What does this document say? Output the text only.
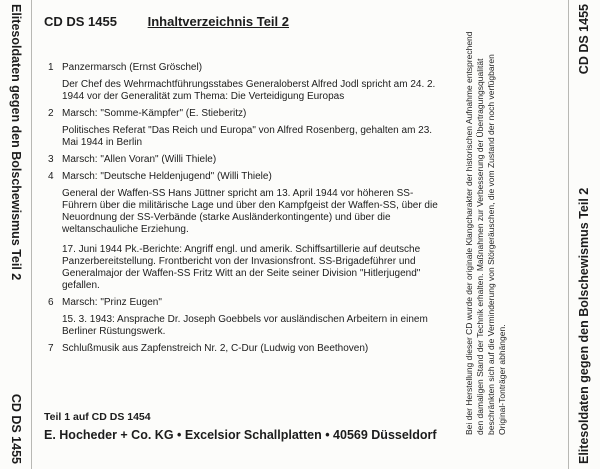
Elitesoldaten gegen den Bolschewismus Teil 2
CD DS 1455	Elitesoldaten gegen den Bolschewismus Teil 2
CD DS 1455
CD DS 1455 Inhaltverzeichnis Teil 2
1 Panzermarsch (Ernst Gröschel)
Der Chef des Wehrmachtführungsstabes Generaloberst Alfred Jodl spricht am 24. 2. 1944 vor der Generalität zum Thema: Die Verteidigung Europas
2 Marsch: "Somme-Kämpfer" (E. Stieberitz)
Politisches Referat "Das Reich und Europa" von Alfred Rosenberg, gehalten am 23. Mai 1944 in Berlin
3 Marsch: "Allen Voran" (Willi Thiele)
4 Marsch: "Deutsche Heldenjugend" (Willi Thiele)
General der Waffen-SS Hans Jüttner spricht am 13. April 1944 vor höheren SS-Führern über die militärische Lage und über den Kampfgeist der Waffen-SS, über die Neuordnung der SS-Verbände (starke Ausländerkontingente) und über die weltanschauliche Erziehung.
17. Juni 1944 Pk.-Berichte: Angriff engl. und amerik. Schiffsartillerie auf deutsche Panzerbereitstellung. Frontbericht von der Invasionsfront. SS-Brigadeführer und Generalmajor der Waffen-SS Fritz Witt an der Seite seiner Division "Hitlerjugend" gefallen.
6 Marsch: "Prinz Eugen"
15. 3. 1943: Ansprache Dr. Joseph Goebbels vor ausländischen Arbeitern in einem Berliner Rüstungswerk.
7 Schlußmusik aus Zapfenstreich Nr. 2, C-Dur (Ludwig von Beethoven)
Teil 1 auf CD DS 1454
E. Hocheder + Co. KG • Excelsior Schallplatten • 40569 Düsseldorf	Bei der Herstellung dieser CD wurde der originale Klangcharakter der historischen Aufnahme entsprechend den damaligen Stand der Technik erhalten. Maßnahmen zur Verbesserung der Übertragungsqualität beschränkten sich auf die Verminderung von Störgeräuschen, die vom Zustand der noch verfügbaren Original-Tonträger abhängen.
